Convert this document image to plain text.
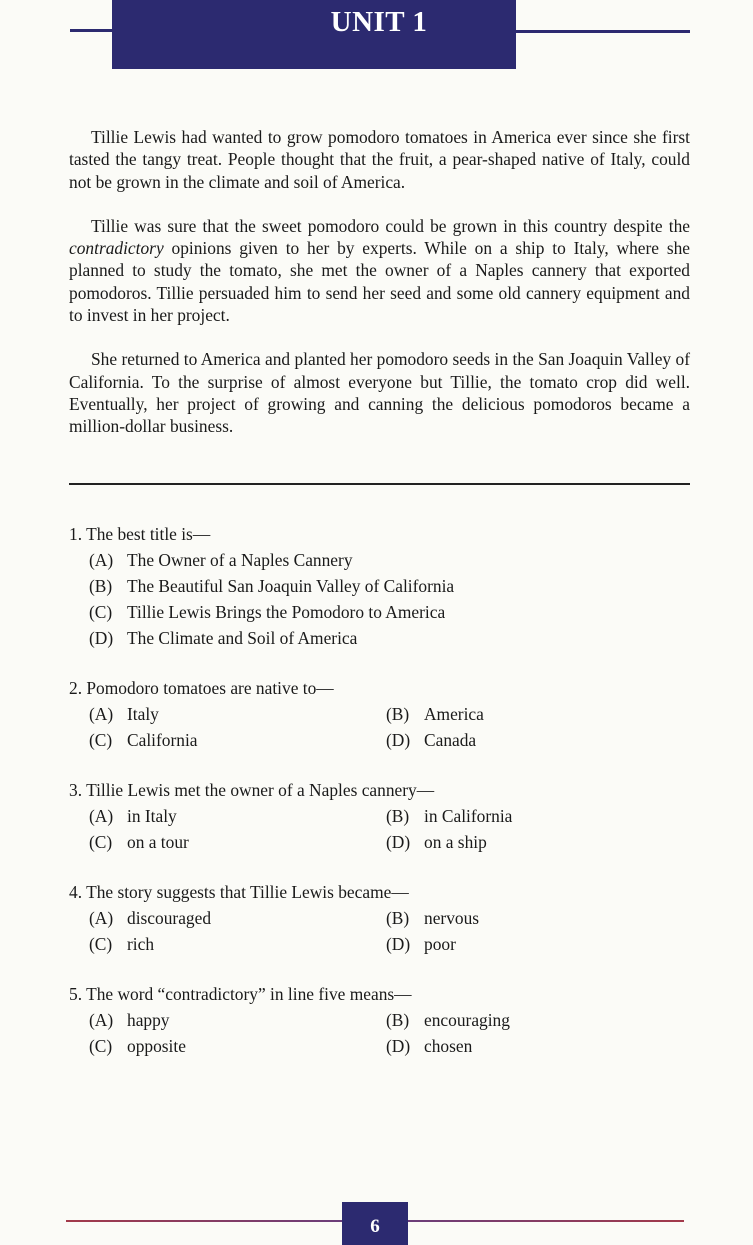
UNIT 1

Tillie Lewis had wanted to grow pomodoro tomatoes in America ever since she first tasted the tangy treat. People thought that the fruit, a pear-shaped native of Italy, could not be grown in the climate and soil of America.

Tillie was sure that the sweet pomodoro could be grown in this country despite the contradictory opinions given to her by experts. While on a ship to Italy, where she planned to study the tomato, she met the owner of a Naples cannery that exported pomodoros. Tillie persuaded him to send her seed and some old cannery equipment and to invest in her project.

She returned to America and planted her pomodoro seeds in the San Joaquin Valley of California. To the surprise of almost everyone but Tillie, the tomato crop did well. Eventually, her project of growing and canning the delicious pomodoros became a million-dollar business.

1. The best title is—
(A) The Owner of a Naples Cannery
(B) The Beautiful San Joaquin Valley of California
(C) Tillie Lewis Brings the Pomodoro to America
(D) The Climate and Soil of America
2. Pomodoro tomatoes are native to—
(A) Italy	(B) America
(C) California	(D) Canada
3. Tillie Lewis met the owner of a Naples cannery—
(A) in Italy	(B) in California
(C) on a tour	(D) on a ship
4. The story suggests that Tillie Lewis became—
(A) discouraged	(B) nervous
(C) rich	(D) poor
5. The word “contradictory” in line five means—
(A) happy	(B) encouraging
(C) opposite	(D) chosen
6
